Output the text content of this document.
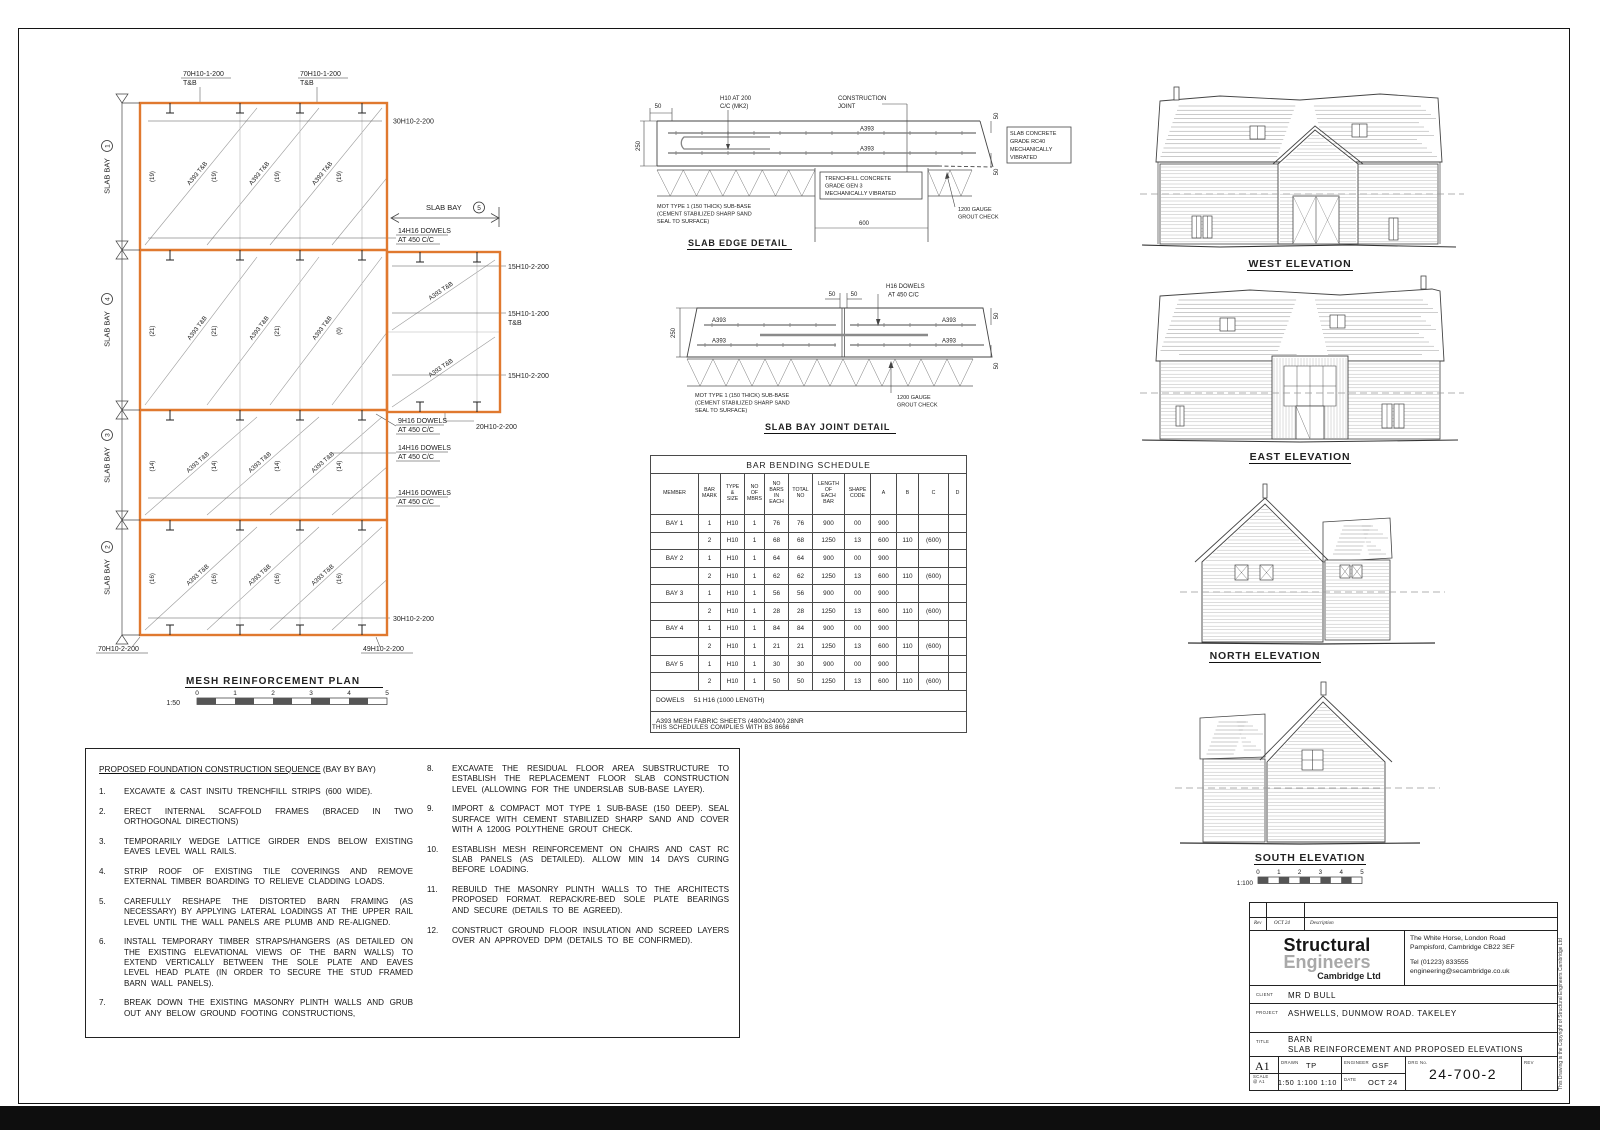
(19)	A393 T&B (19)	A393 T&B (19)	A393 T&B (19)
(21)	A393 T&B (21)	A393 T&B (21)	A393 T&B (0)
(14)	A393 T&B (14)	A393 T&B (14)	A393 T&B (14)
(16)	A393 T&B (16)	A393 T&B (16)	A393 T&B (16)
A393 T&B
A393 T&B
SLAB BAY
1
SLAB BAY
4
SLAB BAY
3
SLAB BAY
2
SLAB BAY 5
70H10-1-200
T&B
70H10-1-200
T&B
30H10-2-200
14H16 DOWELS
AT 450 C/C
15H10-2-200
15H10-1-200
T&B
15H10-2-200
20H10-2-200
9H16 DOWELS
AT 450 C/C
14H16 DOWELS
AT 450 C/C
14H16 DOWELS
AT 450 C/C
30H10-2-200
70H10-2-200	49H10-2-200
MESH REINFORCEMENT PLAN
1:50
0	1	2	3	4	5
50
H10 AT 200
C/C (MK2)
CONSTRUCTION
JOINT
A393
A393
250
50
50
600
SLAB CONCRETE
GRADE RC40
MECHANICALLY
VIBRATED
TRENCHFILL CONCRETE
GRADE GEN 3
MECHANICALLY VIBRATED
MOT TYPE 1 (150 THICK) SUB-BASE
(CEMENT STABILIZED SHARP SAND
SEAL TO SURFACE)
1200 GAUGE
GROUT CHECK
SLAB EDGE DETAIL
50	50
H16 DOWELS
AT 450 C/C
A393	A393
A393	A393
250
50
50
MOT TYPE 1 (150 THICK) SUB-BASE
(CEMENT STABILIZED SHARP SAND
SEAL TO SURFACE)
1200 GAUGE
GROUT CHECK
SLAB BAY JOINT DETAIL
WEST ELEVATION
EAST ELEVATION
NORTH ELEVATION
SOUTH ELEVATION
1:100
0	1	2	3	4	5
BAR BENDING SCHEDULE											

MEMBER	BAR
MARK

TYPE
&
SIZE

NO
OF
MBRS

NO
BARS
IN
EACH

TOTAL
NO

LENGTH
OF
EACH
BAR

SHAPE
CODE	A	B	C	D

BAY 1	1	H10	1	76	76	900	00	900			
	2	H10	1	68	68	1250	13	600	110	(600)	
BAY 2	1	H10	1	64	64	900	00	900			
	2	H10	1	62	62	1250	13	600	110	(600)	
BAY 3	1	H10	1	56	56	900	00	900			
	2	H10	1	28	28	1250	13	600	110	(600)	
BAY 4	1	H10	1	84	84	900	00	900			
	2	H10	1	21	21	1250	13	600	110	(600)	
BAY 5	1	H10	1	30	30	900	00	900			
	2	H10	1	50	50	1250	13	600	110	(600)	
DOWELS 51 H16 (1000 LENGTH)											
A393 MESH FABRIC SHEETS (4800x2400) 28NR											
THIS SCHEDULES COMPLIES WITH BS 8666
PROPOSED FOUNDATION CONSTRUCTION SEQUENCE (BAY BY BAY)
1.	EXCAVATE & CAST INSITU TRENCHFILL STRIPS (600 WIDE).
2.	ERECT INTERNAL SCAFFOLD FRAMES (BRACED IN TWO ORTHOGONAL DIRECTIONS)
3.	TEMPORARILY WEDGE LATTICE GIRDER ENDS BELOW EXISTING EAVES LEVEL WALL RAILS.
4.	STRIP ROOF OF EXISTING TILE COVERINGS AND REMOVE EXTERNAL TIMBER BOARDING TO RELIEVE CLADDING LOADS.
5.	CAREFULLY RESHAPE THE DISTORTED BARN FRAMING (AS NECESSARY) BY APPLYING LATERAL LOADINGS AT THE UPPER RAIL LEVEL UNTIL THE WALL PANELS ARE PLUMB AND RE-ALIGNED.
6.	INSTALL TEMPORARY TIMBER STRAPS/HANGERS (AS DETAILED ON THE EXISTING ELEVATIONAL VIEWS OF THE BARN WALLS) TO EXTEND VERTICALLY BETWEEN THE SOLE PLATE AND EAVES LEVEL HEAD PLATE (IN ORDER TO SECURE THE STUD FRAMED BARN WALL PANELS).
7.	BREAK DOWN THE EXISTING MASONRY PLINTH WALLS AND GRUB OUT ANY BELOW GROUND FOOTING CONSTRUCTIONS,
8.	EXCAVATE THE RESIDUAL FLOOR AREA SUBSTRUCTURE TO ESTABLISH THE REPLACEMENT FLOOR SLAB CONSTRUCTION LEVEL (ALLOWING FOR THE UNDERSLAB SUB-BASE LAYER).
9.	IMPORT & COMPACT MOT TYPE 1 SUB-BASE (150 DEEP). SEAL SURFACE WITH CEMENT STABILIZED SHARP SAND AND COVER WITH A 1200G POLYTHENE GROUT CHECK.
10.	ESTABLISH MESH REINFORCEMENT ON CHAIRS AND CAST RC SLAB PANELS (AS DETAILED). ALLOW MIN 14 DAYS CURING BEFORE LOADING.
11.	REBUILD THE MASONRY PLINTH WALLS TO THE ARCHITECTS PROPOSED FORMAT. REPACK/RE-BED SOLE PLATE BEARINGS AND SECURE (DETAILS TO BE AGREED).
12.	CONSTRUCT GROUND FLOOR INSULATION AND SCREED LAYERS OVER AN APPROVED DPM (DETAILS TO BE CONFIRMED).
Rev	OCT 24	Description
Structural
Engineers
Cambridge Ltd
The White Horse, London Road
Pampisford, Cambridge CB22 3EF
Tel (01223) 833555
engineering@secambridge.co.uk
CLIENT MR D BULL
PROJECT ASHWELLS, DUNMOW ROAD. TAKELEY
TITLE BARN
SLAB REINFORCEMENT AND PROPOSED ELEVATIONS
A1	DRAWN TP	ENGINEER GSF
SCALE
@ A1	1:50 1:100 1:10 DATE OCT 24
DRG No.
24-700-2
REV	This Drawing is the Copyright of Structural Engineers Cambridge Ltd
